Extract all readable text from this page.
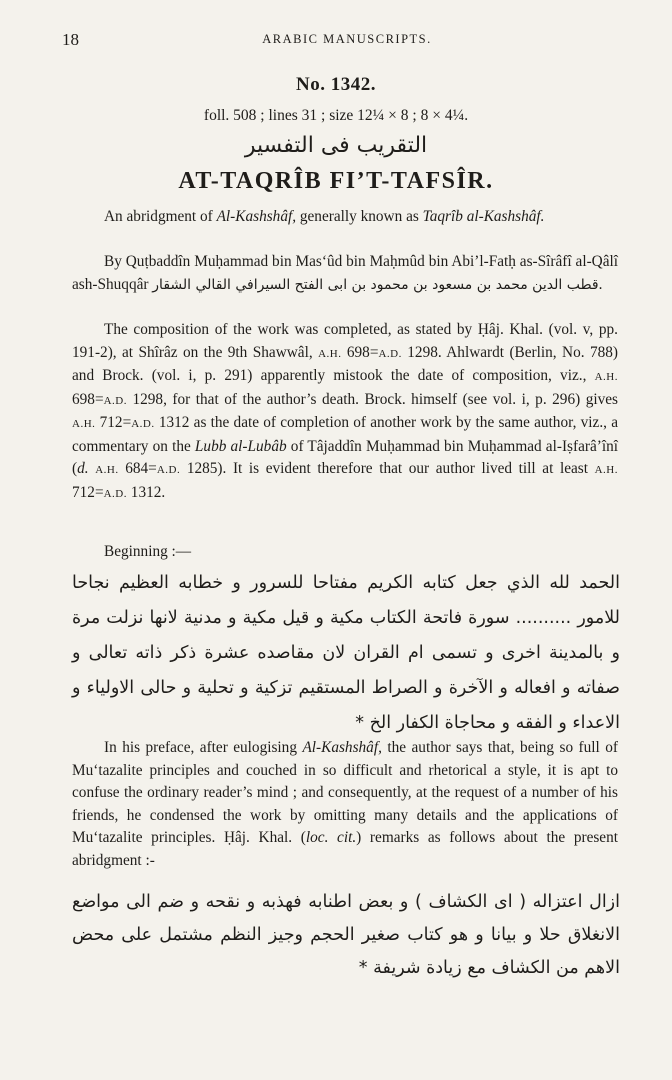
18	ARABIC MANUSCRIPTS.
No. 1342.
foll. 508 ; lines 31 ; size 12¼ × 8 ; 8 × 4¼.
التقريب فى التفسير
AT-TAQRÎB FI’T-TAFSÎR.

An abridgment of Al-Kashshâf, generally known as Taqrîb al-Kashshâf.

By Quṭbaddîn Muḥammad bin Mas‘ûd bin Maḥmûd bin Abi’l-Fatḥ as-Sîrâfî al-Qâlî ash-Shuqqâr قطب الدين محمد بن مسعود بن محمود بن ابى الفتح السيرافي القالي الشقار.

The composition of the work was completed, as stated by Ḥâj. Khal. (vol. v, pp. 191-2), at Shîrâz on the 9th Shawwâl, A.H. 698=A.D. 1298. Ahlwardt (Berlin, No. 788) and Brock. (vol. i, p. 291) apparently mistook the date of composition, viz., A.H. 698=A.D. 1298, for that of the author’s death. Brock. himself (see vol. i, p. 296) gives A.H. 712=A.D. 1312 as the date of completion of another work by the same author, viz., a commentary on the Lubb al-Lubâb of Tâjaddîn Muḥammad bin Muḥammad al-Iṣfarâ’înî (d. A.H. 684=A.D. 1285). It is evident therefore that our author lived till at least A.H. 712=A.D. 1312.

Beginning :—

الحمد لله الذي جعل كتابه الكريم مفتاحا للسرور و خطابه العظيم نجاحا للامور .......... سورة فاتحة الكتاب مكية و قيل مكية و مدنية لانها نزلت مرة و بالمدينة اخرى و تسمى ام القران لان مقاصده عشرة ذكر ذاته تعالى و صفاته و افعاله و الآخرة و الصراط المستقيم تزكية و تحلية و حالى الاولياء و الاعداء و الفقه و محاجاة الكفار الخ *

In his preface, after eulogising Al-Kashshâf, the author says that, being so full of Mu‘tazalite principles and couched in so difficult and rhetorical a style, it is apt to confuse the ordinary reader’s mind ; and consequently, at the request of a number of his friends, he condensed the work by omitting many details and the applications of Mu‘tazalite principles. Ḥâj. Khal. (loc. cit.) remarks as follows about the present abridgment :-

ازال اعتزاله ( اى الكشاف ) و بعض اطنابه فهذبه و نقحه و ضم الى مواضع الانغلاق حلا و بيانا و هو كتاب صغير الحجم وجيز النظم مشتمل على محض الاهم من الكشاف مع زيادة شريفة *
